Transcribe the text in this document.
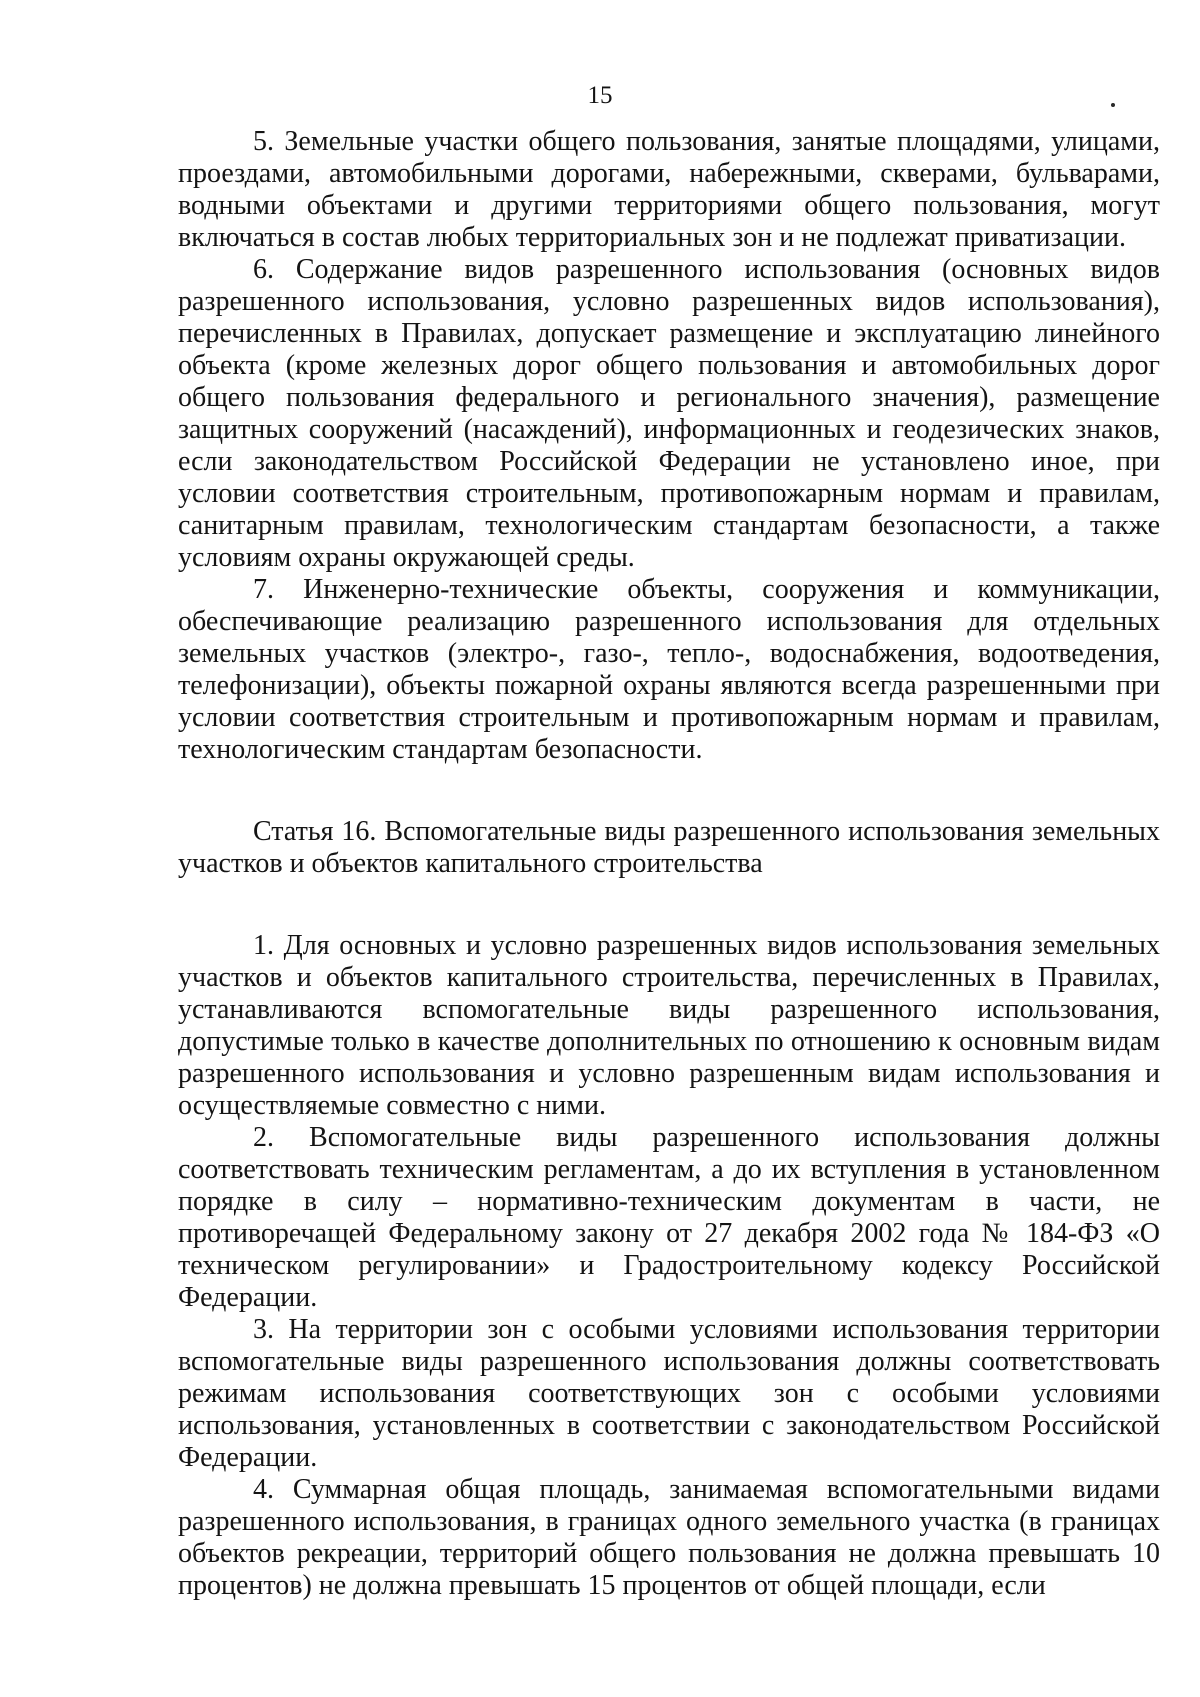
15

5. Земельные участки общего пользования, занятые площадями, улицами, проездами, автомобильными дорогами, набережными, скверами, бульварами, водными объектами и другими территориями общего пользования, могут включаться в состав любых территориальных зон и не подлежат приватизации.

6. Содержание видов разрешенного использования (основных видов разрешенного использования, условно разрешенных видов использования), перечисленных в Правилах, допускает размещение и эксплуатацию линейного объекта (кроме железных дорог общего пользования и автомобильных дорог общего пользования федерального и регионального значения), размещение защитных сооружений (насаждений), информационных и геодезических знаков, если законодательством Российской Федерации не установлено иное, при условии соответствия строительным, противопожарным нормам и правилам, санитарным правилам, технологическим стандартам безопасности, а также условиям охраны окружающей среды.

7. Инженерно-технические объекты, сооружения и коммуникации, обеспечивающие реализацию разрешенного использования для отдельных земельных участков (электро-, газо-, тепло-, водоснабжения, водоотведения, телефонизации), объекты пожарной охраны являются всегда разрешенными при условии соответствия строительным и противопожарным нормам и правилам, технологическим стандартам безопасности.

Статья 16. Вспомогательные виды разрешенного использования земельных участков и объектов капитального строительства

1. Для основных и условно разрешенных видов использования земельных участков и объектов капитального строительства, перечисленных в Правилах, устанавливаются вспомогательные виды разрешенного использования, допустимые только в качестве дополнительных по отношению к основным видам разрешенного использования и условно разрешенным видам использования и осуществляемые совместно с ними.

2. Вспомогательные виды разрешенного использования должны соответствовать техническим регламентам, а до их вступления в установленном порядке в силу – нормативно-техническим документам в части, не противоречащей Федеральному закону от 27 декабря 2002 года № 184-ФЗ «О техническом регулировании» и Градостроительному кодексу Российской Федерации.

3. На территории зон с особыми условиями использования территории вспомогательные виды разрешенного использования должны соответствовать режимам использования соответствующих зон с особыми условиями использования, установленных в соответствии с законодательством Российской Федерации.

4. Суммарная общая площадь, занимаемая вспомогательными видами разрешенного использования, в границах одного земельного участка (в границах объектов рекреации, территорий общего пользования не должна превышать 10 процентов) не должна превышать 15 процентов от общей площади, если
